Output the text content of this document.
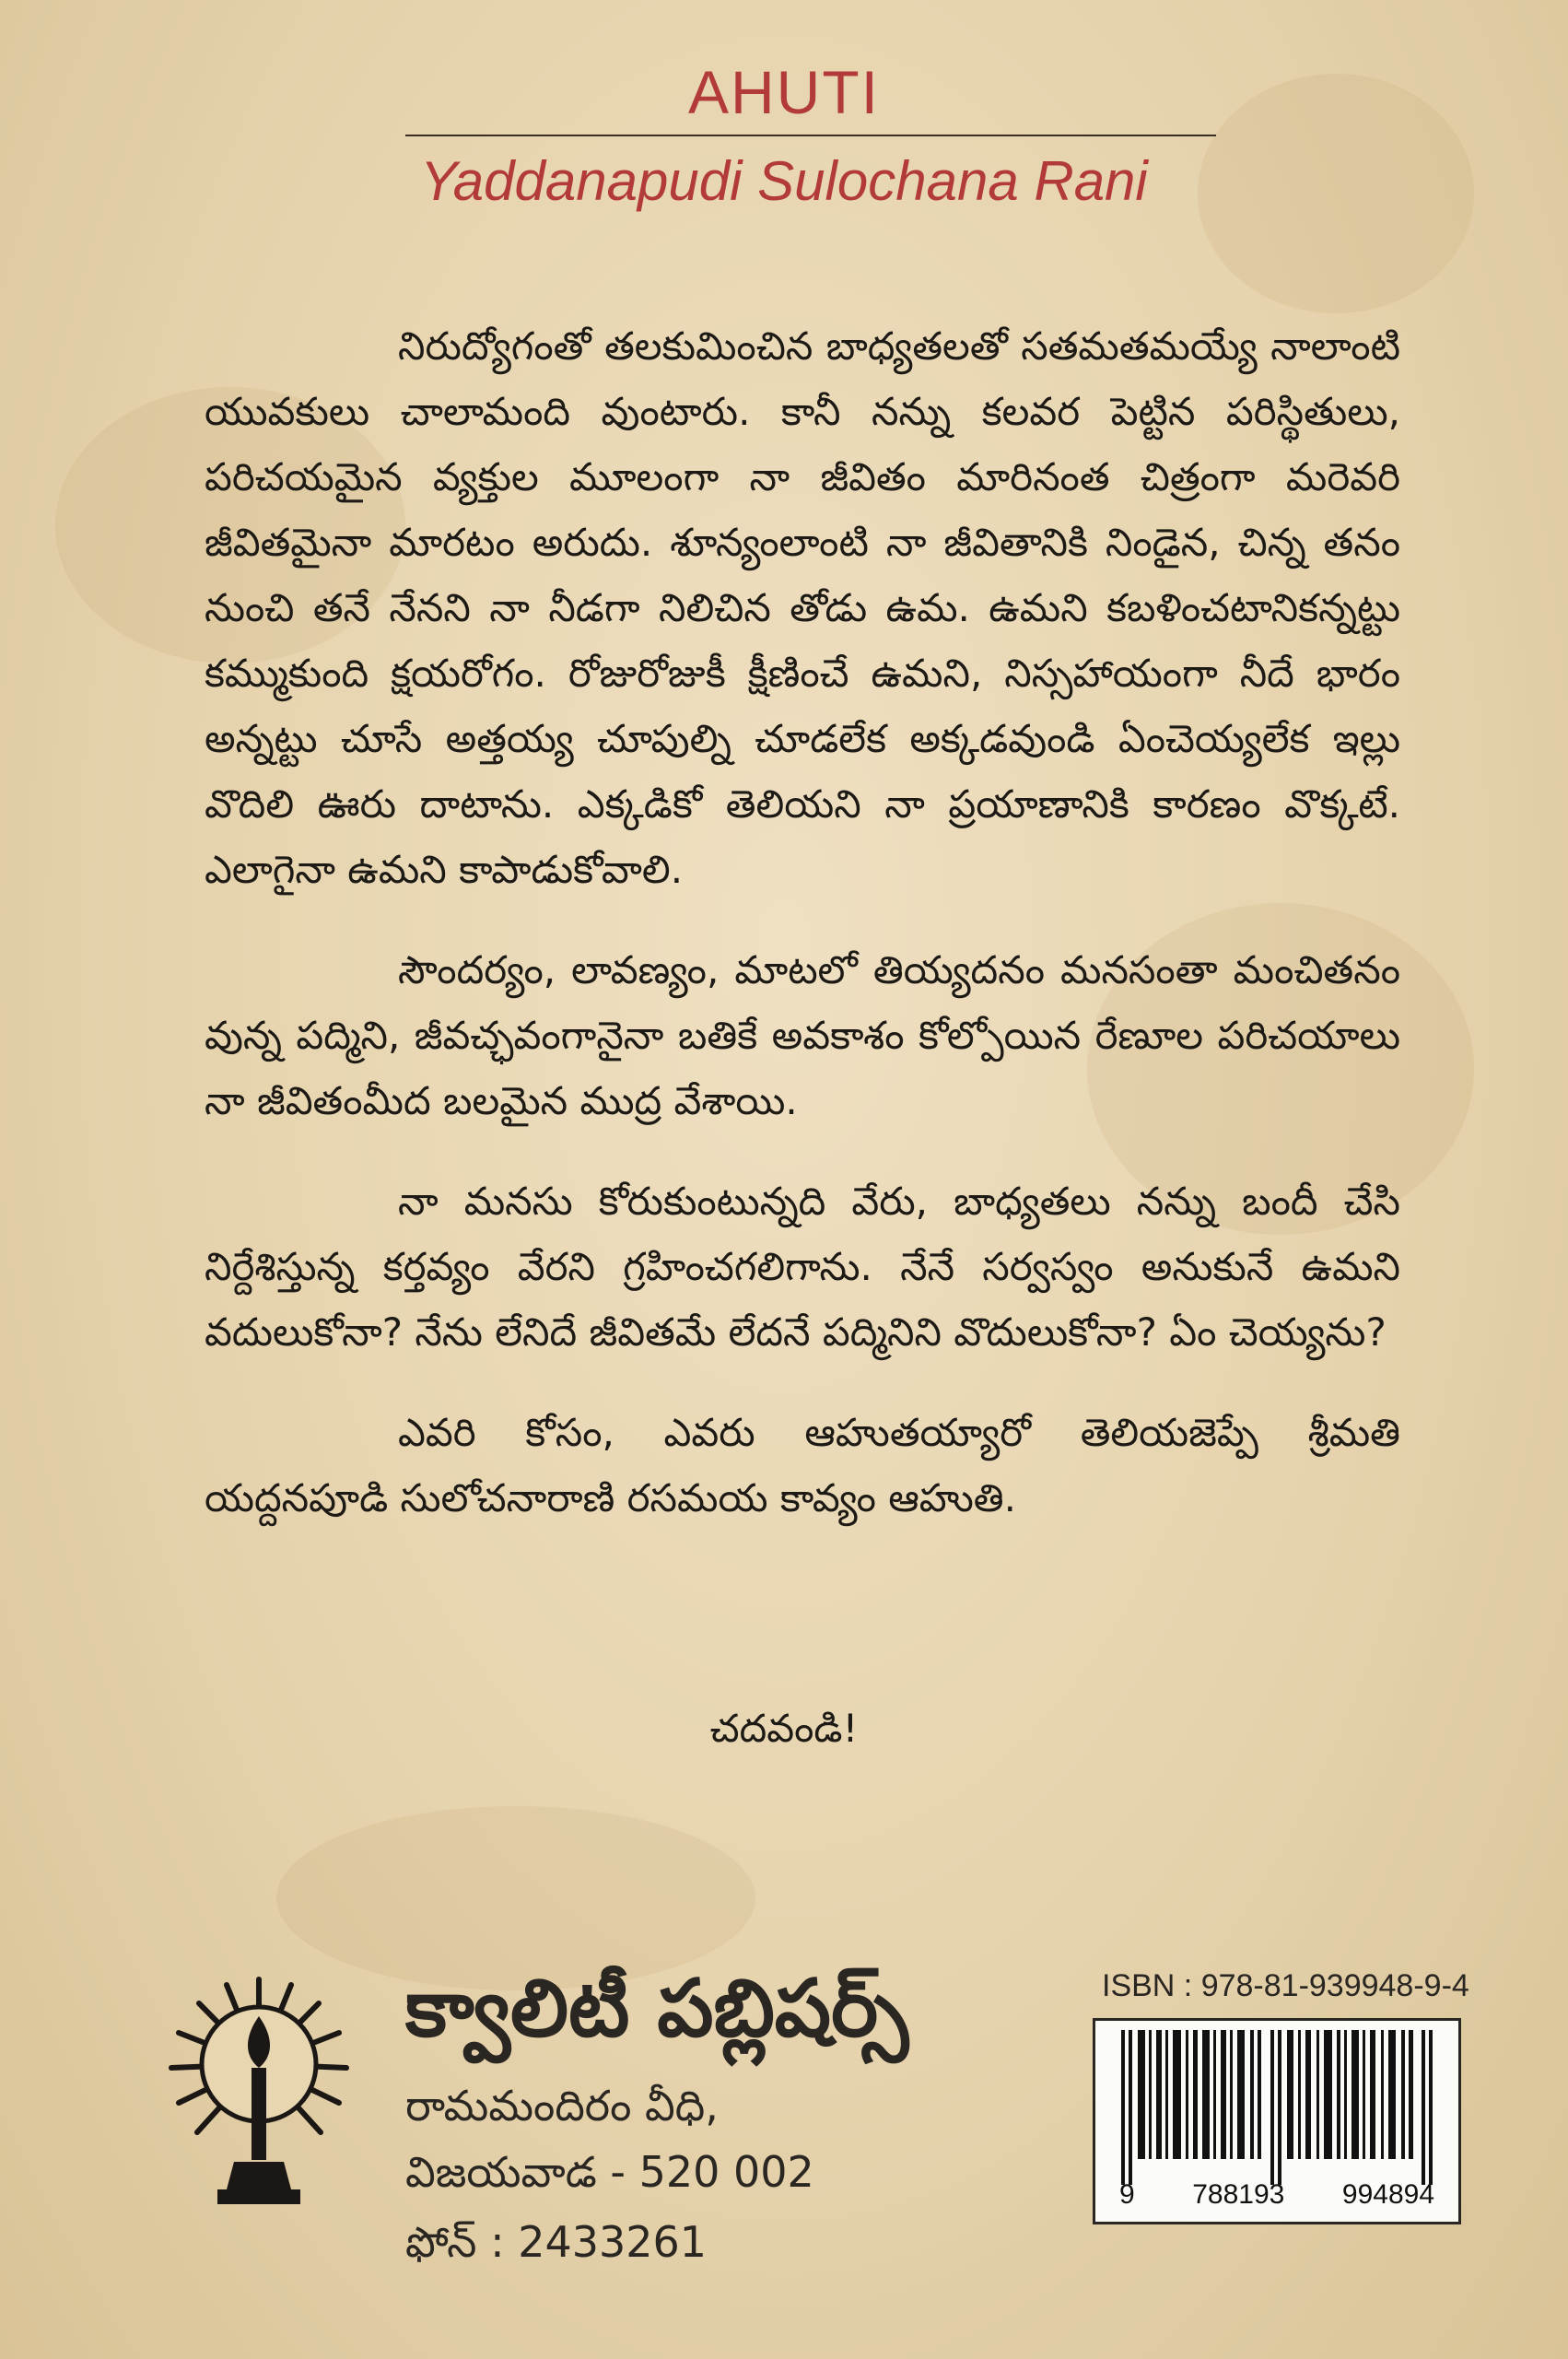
AHUTI
Yaddanapudi Sulochana Rani

నిరుద్యోగంతో తలకుమించిన బాధ్యతలతో సతమతమయ్యే నాలాంటి యువకులు చాలామంది వుంటారు. కానీ నన్ను కలవర పెట్టిన పరిస్థితులు, పరిచయమైన వ్యక్తుల మూలంగా నా జీవితం మారినంత చిత్రంగా మరెవరి జీవితమైనా మారటం అరుదు. శూన్యంలాంటి నా జీవితానికి నిండైన, చిన్న తనం నుంచి తనే నేనని నా నీడగా నిలిచిన తోడు ఉమ. ఉమని కబళించటానికన్నట్టు కమ్ముకుంది క్షయరోగం. రోజురోజుకీ క్షీణించే ఉమని, నిస్సహాయంగా నీదే భారం అన్నట్టు చూసే అత్తయ్య చూపుల్ని చూడలేక అక్కడవుండి ఏంచెయ్యలేక ఇల్లు వొదిలి ఊరు దాటాను. ఎక్కడికో తెలియని నా ప్రయాణానికి కారణం వొక్కటే. ఎలాగైనా ఉమని కాపాడుకోవాలి.

సౌందర్యం, లావణ్యం, మాటలో తియ్యదనం మనసంతా మంచితనం వున్న పద్మిని, జీవచ్ఛవంగానైనా బతికే అవకాశం కోల్పోయిన రేణూల పరిచయాలు నా జీవితంమీద బలమైన ముద్ర వేశాయి.

నా మనసు కోరుకుంటున్నది వేరు, బాధ్యతలు నన్ను బందీ చేసి నిర్దేశిస్తున్న కర్తవ్యం వేరని గ్రహించగలిగాను. నేనే సర్వస్వం అనుకునే ఉమని వదులుకోనా? నేను లేనిదే జీవితమే లేదనే పద్మినిని వొదులుకోనా? ఏం చెయ్యను?

ఎవరి కోసం, ఎవరు ఆహుతయ్యారో తెలియజెప్పే శ్రీమతి యద్దనపూడి సులోచనారాణి రసమయ కావ్యం ఆహుతి.

చదవండి!
క్వాలిటీ పబ్లిషర్స్
రామమందిరం వీధి,
విజయవాడ - 520 002
ఫోన్ : 2433261
ISBN : 978-81-939948-9-4
9 788193 994894
